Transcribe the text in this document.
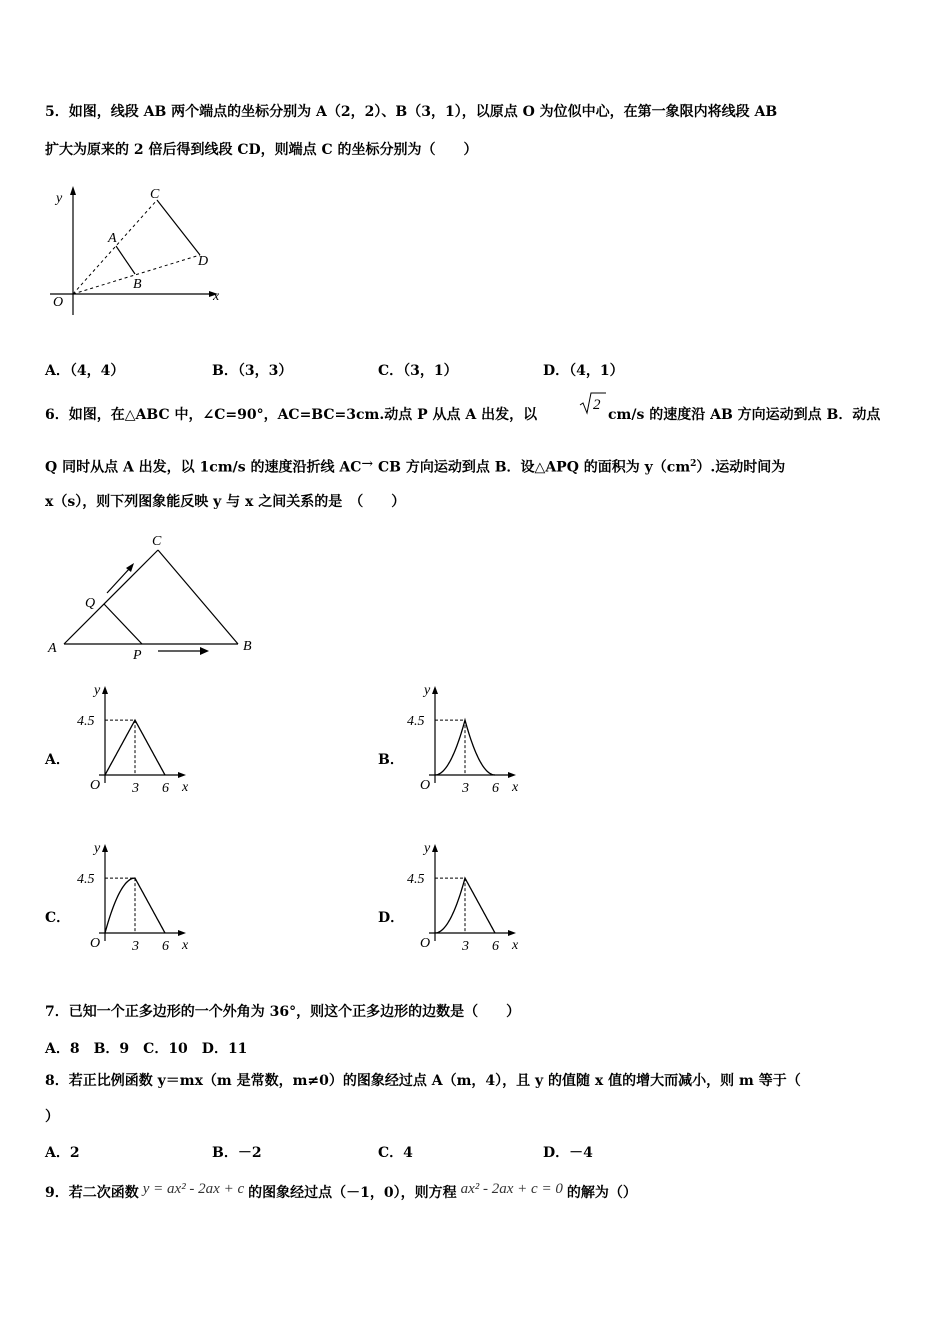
5．如图，线段 AB 两个端点的坐标分别为 A（2，2）、B（3，1），以原点 O 为位似中心，在第一象限内将线段 AB
扩大为原来的 2 倍后得到线段 CD，则端点 C 的坐标分别为（　　）
y
x
O
A
B
C
D
A．（4，4）	B．（3，3）	C．（3，1）	D．（4，1）
6．如图，在△ABC 中，∠C=90°，AC=BC=3cm.动点 P 从点 A 出发，以
2
cm/s 的速度沿 AB 方向运动到点 B．动点
Q 同时从点 A 出发，以 1cm/s 的速度沿折线 AC→ CB 方向运动到点 B．设△APQ 的面积为 $y(cm^2)$.运动时间为
x（s），则下列图象能反映 y 与 x 之间关系的是　（　　）
A	B
C
P
Q
A．	B．
C．	D．
y
x
O
4.5
3 6
y
x
O
4.5
3 6
y
x
O
4.5
3 6
y
x
O
4.5
3 6
7．已知一个正多边形的一个外角为 36°，则这个正多边形的边数是（　　）
A．8　B．9　C．10　D．11
8．若正比例函数 y＝mx（m 是常数，m≠0）的图象经过点 A（m，4），且 y 的值随 x 值的增大而减小，则 m 等于（
）
A．2	B．－2	C．4	D．－4
9．若二次函数 y = ax² - 2ax + c 的图象经过点（－1，0），则方程 ax² - 2ax + c = 0 的解为（）
